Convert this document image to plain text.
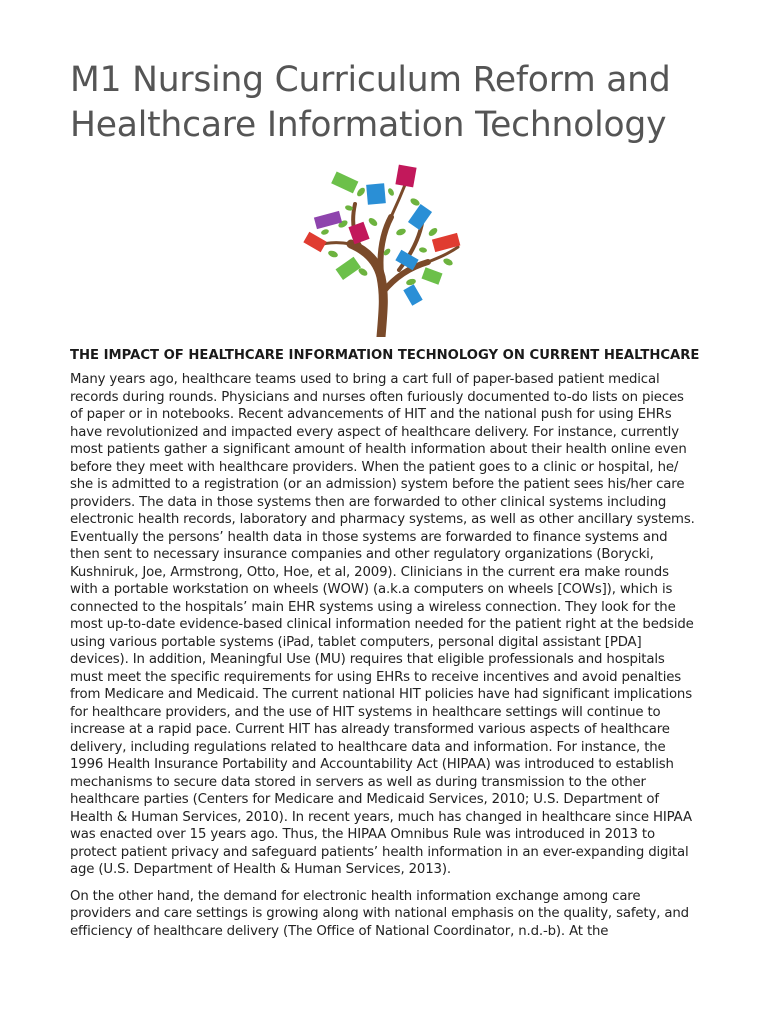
M1 Nursing Curriculum Reform and Healthcare Information Technology
THE IMPACT OF HEALTHCARE INFORMATION TECHNOLOGY ON CURRENT HEALTHCARE

Many years ago, healthcare teams used to bring a cart full of paper-based patient medical records during rounds. Physicians and nurses often furiously documented to-do lists on pieces of paper or in notebooks. Recent advancements of HIT and the national push for using EHRs have revolutionized and impacted every aspect of healthcare delivery. For instance, currently most patients gather a significant amount of health information about their health online even before they meet with healthcare providers. When the patient goes to a clinic or hospital, he/ she is admitted to a registration (or an admission) system before the patient sees his/her care providers. The data in those systems then are forwarded to other clinical systems including electronic health records, laboratory and pharmacy systems, as well as other ancillary systems. Eventually the persons’ health data in those systems are forwarded to finance systems and then sent to necessary insurance companies and other regulatory organizations (Borycki, Kushniruk, Joe, Armstrong, Otto, Hoe, et al, 2009). Clinicians in the current era make rounds with a portable workstation on wheels (WOW) (a.k.a computers on wheels [COWs]), which is connected to the hospitals’ main EHR systems using a wireless connection. They look for the most up-to-date evidence-based clinical information needed for the patient right at the bedside using various portable systems (iPad, tablet computers, personal digital assistant [PDA] devices). In addition, Meaningful Use (MU) requires that eligible professionals and hospitals must meet the specific requirements for using EHRs to receive incentives and avoid penalties from Medicare and Medicaid. The current national HIT policies have had significant implications for healthcare providers, and the use of HIT systems in healthcare settings will continue to increase at a rapid pace. Current HIT has already transformed various aspects of healthcare delivery, including regulations related to healthcare data and information. For instance, the 1996 Health Insurance Portability and Accountability Act (HIPAA) was introduced to establish mechanisms to secure data stored in servers as well as during transmission to the other healthcare parties (Centers for Medicare and Medicaid Services, 2010; U.S. Department of Health & Human Services, 2010). In recent years, much has changed in healthcare since HIPAA was enacted over 15 years ago. Thus, the HIPAA Omnibus Rule was introduced in 2013 to protect patient privacy and safeguard patients’ health information in an ever-expanding digital age (U.S. Department of Health & Human Services, 2013).

On the other hand, the demand for electronic health information exchange among care providers and care settings is growing along with national emphasis on the quality, safety, and efficiency of healthcare delivery (The Office of National Coordinator, n.d.-b). At the
